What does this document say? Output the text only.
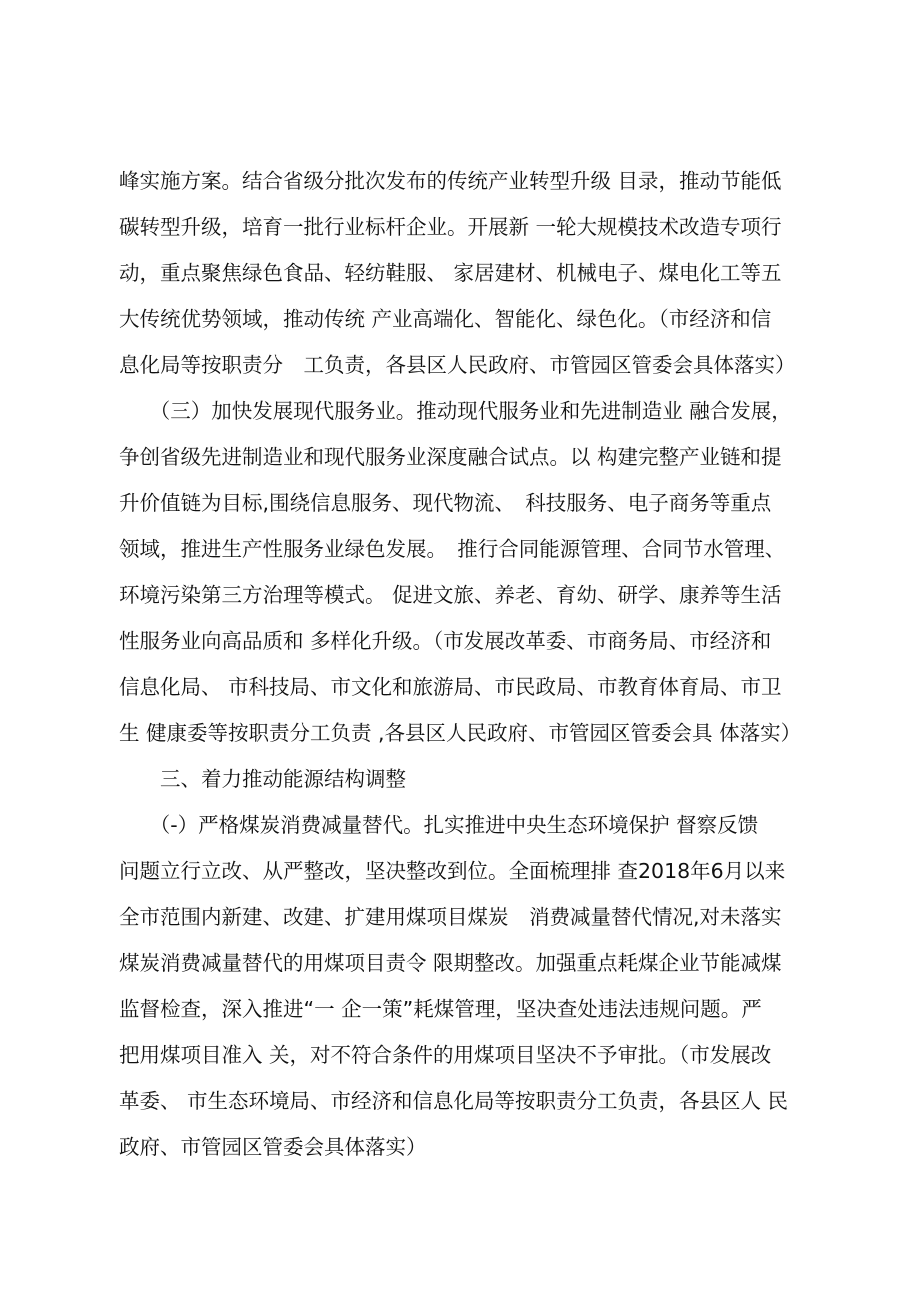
峰实施方案。结合省级分批次发布的传统产业转型升级 目录，推动节能低
碳转型升级，培育一批行业标杆企业。开展新 一轮大规模技术改造专项行
动，重点聚焦绿色食品、轻纺鞋服、 家居建材、机械电子、煤电化工等五
大传统优势领域，推动传统 产业高端化、智能化、绿色化。（市经济和信
息化局等按职责分　工负责，各县区人民政府、市管园区管委会具体落实）
　　（三）加快发展现代服务业。推动现代服务业和先进制造业 融合发展，
争创省级先进制造业和现代服务业深度融合试点。以 构建完整产业链和提
升价值链为目标,围绕信息服务、现代物流、　科技服务、电子商务等重点
领域，推进生产性服务业绿色发展。　推行合同能源管理、合同节水管理、
环境污染第三方治理等模式。 促进文旅、养老、育幼、研学、康养等生活
性服务业向高品质和 多样化升级。（市发展改革委、市商务局、市经济和
信息化局、 市科技局、市文化和旅游局、市民政局、市教育体育局、市卫
生 健康委等按职责分工负责 ,各县区人民政府、市管园区管委会具 体落实）
　　三、着力推动能源结构调整
　　（-）严格煤炭消费减量替代。扎实推进中央生态环境保护 督察反馈
问题立行立改、从严整改，坚决整改到位。全面梳理排 查2018年6月以来
全市范围内新建、改建、扩建用煤项目煤炭　消费减量替代情况,对未落实
煤炭消费减量替代的用煤项目责令 限期整改。加强重点耗煤企业节能减煤
监督检查，深入推进“一 企一策”耗煤管理，坚决查处违法违规问题。严
把用煤项目准入 关，对不符合条件的用煤项目坚决不予审批。（市发展改
革委、 市生态环境局、市经济和信息化局等按职责分工负责，各县区人 民
政府、市管园区管委会具体落实）
